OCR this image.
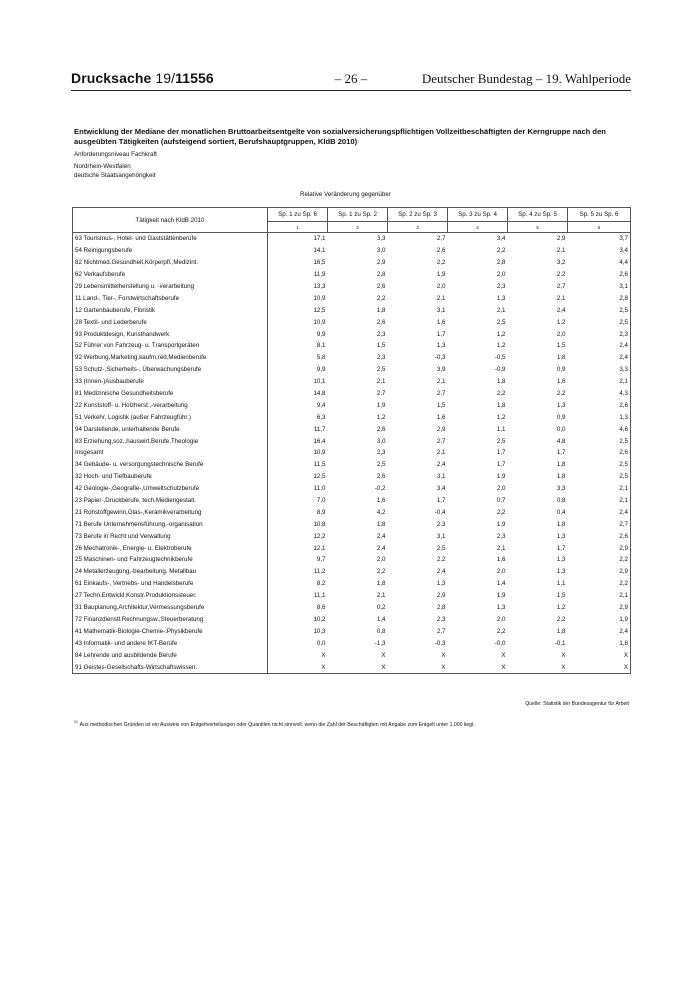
Drucksache 19/11556	– 26 –	Deutscher Bundestag – 19. Wahlperiode
Entwicklung der Mediane der monatlichen Bruttoarbeitsentgelte von sozialversicherungspflichtigen Vollzeitbeschäftigten der Kerngruppe nach den ausgeübten Tätigkeiten (aufsteigend sortiert, Berufshauptgruppen, KldB 2010)
Anforderungsniveau Fachkraft
Nordrhein-Westfalen
deutsche Staatsangehörigkeit
Relative Veränderung gegenüber
Tätigkeit nach KldB 2010	Sp. 1 zu Sp. 6	Sp. 1 zu Sp. 2	Sp. 2 zu Sp. 3	Sp. 3 zu Sp. 4	Sp. 4 zu Sp. 5	Sp. 5 zu Sp. 6
	1	2	3	4	5	6
63 Tourismus-, Hotel- und Gaststättenberufe	17,1	3,3	2,7	3,4	2,9	3,7
54 Reinigungsberufe	14,1	3,0	2,6	2,2	2,1	3,4
82 Nichtmed.Gesundheit,Körperpfl.,Medizint.	16,5	2,9	2,2	2,8	3,2	4,4
62 Verkaufsberufe	11,9	2,8	1,9	2,0	2,2	2,6
29 Lebensmittelherstellung u. -verarbeitung	13,3	2,6	2,0	2,3	2,7	3,1
11 Land-, Tier-, Forstwirtschaftsberufe	10,9	2,2	2,1	1,3	2,1	2,8
12 Gartenbauberufe, Floristik	12,5	1,8	3,1	2,1	2,4	2,5
28 Textil- und Lederberufe	10,9	2,6	1,6	2,5	1,2	2,5
93 Produktdesign, Kunsthandwerk	9,9	2,3	1,7	1,2	2,0	2,3
52 Führer von Fahrzeug- u. Transportgeräten	8,1	1,5	1,3	1,2	1,5	2,4
92 Werbung,Marketing,kaufm,red.Medienberufe	5,8	2,3	-0,3	-0,5	1,8	2,4
53 Schutz-,Sicherheits-, Überwachungsberufe	9,9	2,5	3,9	-0,9	0,9	3,3
33 (Innen-)Ausbauberufe	10,1	2,1	2,1	1,8	1,6	2,1
81 Medizinische Gesundheitsberufe	14,8	2,7	2,7	2,2	2,2	4,3
22 Kunststoff- u. Holzherst.,-verarbeitung	9,4	1,9	1,5	1,8	1,3	2,6
51 Verkehr, Logistik (außer Fahrzeugführ.)	6,3	1,2	1,6	1,2	0,9	1,3
94 Darstellende, unterhaltende Berufe	11,7	2,6	2,9	1,1	0,0	4,6
83 Erziehung,soz.,hauswirt.Berufe,Theologie	16,4	3,0	2,7	2,5	4,8	2,5
Insgesamt	10,9	2,3	2,1	1,7	1,7	2,6
34 Gebäude- u. versorgungstechnische Berufe	11,5	2,5	2,4	1,7	1,8	2,5
32 Hoch- und Tiefbauberufe	12,5	2,6	3,1	1,9	1,8	2,5
42 Geologie-,Geografie-,Umweltschutzberufe	11,0	-0,2	3,4	2,0	3,3	2,1
23 Papier-,Druckberufe, tech.Mediengestalt.	7,0	1,6	1,7	0,7	0,8	2,1
21 Rohstoffgewinn,Glas-,Keramikverarbeitung	8,9	4,2	-0,4	2,2	0,4	2,4
71 Berufe Unternehmensführung,-organisation	10,8	1,8	2,3	1,9	1,8	2,7
73 Berufe in Recht und Verwaltung	12,2	2,4	3,1	2,3	1,3	2,6
26 Mechatronik-, Energie- u. Elektroberufe	12,1	2,4	2,5	2,1	1,7	2,9
25 Maschinen- und Fahrzeugtechnikberufe	9,7	2,0	2,2	1,6	1,3	2,2
24 Metallerzeugung,-bearbeitung, Metallbau	11,2	2,2	2,4	2,0	1,3	2,9
61 Einkaufs-, Vertriebs- und Handelsberufe	8,2	1,8	1,3	1,4	1,1	2,2
27 Techn.Entwickl.Konstr.Produktionssteuer.	11,1	2,1	2,9	1,9	1,5	2,1
31 Bauplanung,Architektur,Vermessungsberufe	8,6	0,2	2,8	1,3	1,2	2,9
72 Finanzdienstl.Rechnungsw.,Steuerberatung	10,2	1,4	2,3	2,0	2,2	1,9
41 Mathematik-Biologie-Chemie-,Physikberufe	10,3	0,8	2,7	2,2	1,8	2,4
43 Informatik- und andere IKT-Berufe	0,0	-1,3	-0,3	-0,0	-0,1	1,8
84 Lehrende und ausbildende Berufe	X	X	X	X	X	X
91 Geistes-Gesellschafts-Wirtschaftswissen.	X	X	X	X	X	X
Quelle: Statistik der Bundesagentur für Arbeit
$^{X)}$ Aus methodischen Gründen ist ein Ausweis von Entgeltverteilungen oder Quantilen nicht sinnvoll, wenn die Zahl der Beschäftigten mit Angabe zum Entgelt unter 1.000 liegt.
